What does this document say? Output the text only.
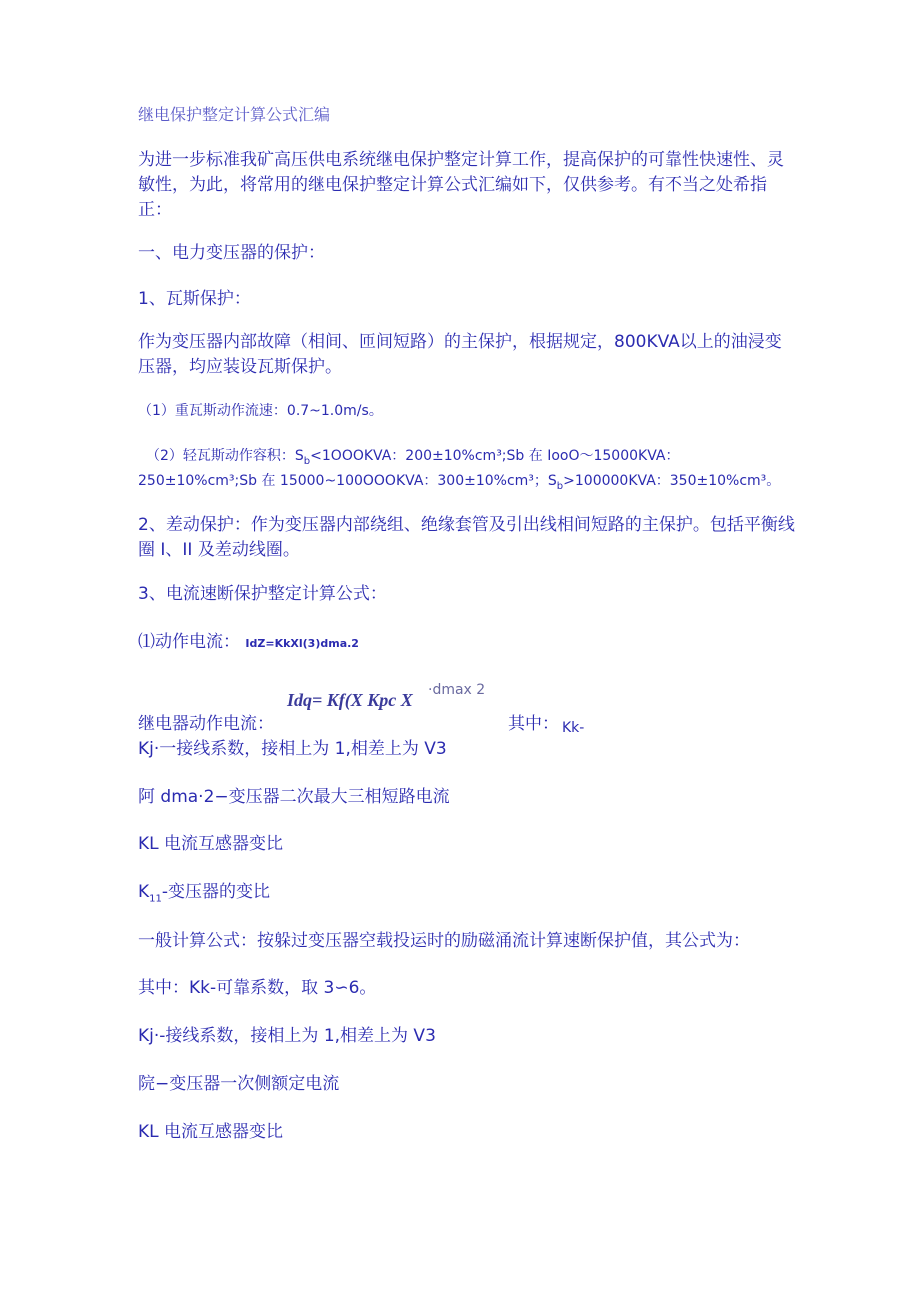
继电保护整定计算公式汇编
为进一步标准我矿高压供电系统继电保护整定计算工作，提高保护的可靠性快速性、灵敏性，为此，将常用的继电保护整定计算公式汇编如下，仅供参考。有不当之处希指正：
一、电力变压器的保护：
1、瓦斯保护：
作为变压器内部故障（相间、匝间短路）的主保护，根据规定，800KVA以上的油浸变压器，均应装设瓦斯保护。
（1）重瓦斯动作流速：0.7~1.0m/s。
（2）轻瓦斯动作容积：$S_b<1OOOKVA$：200±10%cm³;Sb 在 IooO～15000KVA：
250±10%cm³;Sb 在 15000~100OOOKVA：300±10%cm³；$S_b>100000KVA$：350±10%cm³。
2、差动保护：作为变压器内部绕组、绝缘套管及引出线相间短路的主保护。包括平衡线圈 I、II 及差动线圈。
3、电流速断保护整定计算公式：
⑴动作电流： IdZ=KkXl(3)dma.2
Idq= Kf(X Kpc X ·dmax 2
继电器动作电流：	其中： Kk-
Kj·一接线系数，接相上为 1,相差上为 V3
阿 dma·2−变压器二次最大三相短路电流
KL 电流互感器变比
$K_{11}-$变压器的变比
一般计算公式：按躲过变压器空载投运时的励磁涌流计算速断保护值，其公式为：
其中：Kk-可靠系数，取 3∽6。
Kj·-接线系数，接相上为 1,相差上为 V3
院−变压器一次侧额定电流
KL 电流互感器变比
